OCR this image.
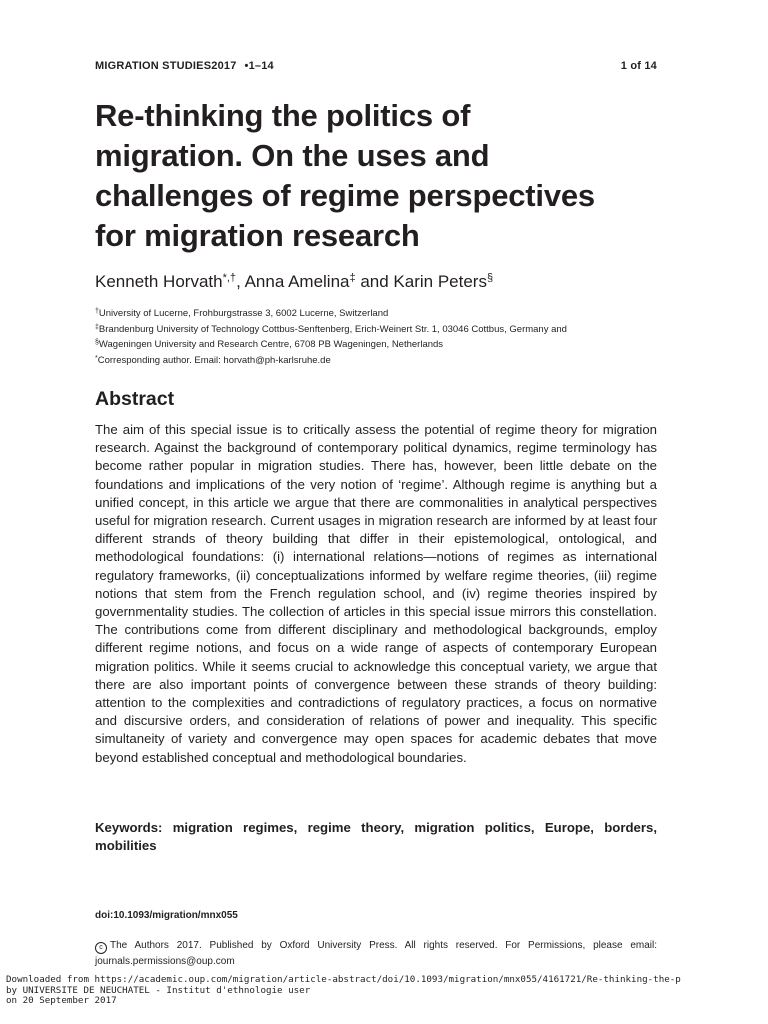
MIGRATION STUDIES2017 •1–14	1 of 14
Re-thinking the politics of
migration. On the uses and
challenges of regime perspectives
for migration research
Kenneth Horvath*,†, Anna Amelina‡ and Karin Peters§
†University of Lucerne, Frohburgstrasse 3, 6002 Lucerne, Switzerland
‡Brandenburg University of Technology Cottbus-Senftenberg, Erich-Weinert Str. 1, 03046 Cottbus, Germany and
§Wageningen University and Research Centre, 6708 PB Wageningen, Netherlands
*Corresponding author. Email: horvath@ph-karlsruhe.de
Abstract

The aim of this special issue is to critically assess the potential of regime theory for migration research. Against the background of contemporary political dynamics, regime terminology has become rather popular in migration studies. There has, however, been little debate on the foundations and implications of the very notion of ‘regime’. Although regime is anything but a unified concept, in this article we argue that there are commonalities in analytical perspectives useful for migration research. Current usages in migration research are informed by at least four different strands of theory building that differ in their epistemological, ontological, and methodological foundations: (i) international relations—notions of regimes as international regulatory frameworks, (ii) conceptualizations informed by welfare regime theories, (iii) regime notions that stem from the French regulation school, and (iv) regime theories inspired by governmentality studies. The collection of articles in this special issue mirrors this constellation. The contributions come from different disciplinary and methodological backgrounds, employ different regime notions, and focus on a wide range of aspects of contemporary European migration politics. While it seems crucial to acknowledge this conceptual variety, we argue that there are also important points of convergence between these strands of theory building: attention to the complexities and contradictions of regulatory practices, a focus on normative and discursive orders, and consideration of relations of power and inequality. This specific simultaneity of variety and convergence may open spaces for academic debates that move beyond established conceptual and methodological boundaries.

Keywords: migration regimes, regime theory, migration politics, Europe, borders, mobilities

doi:10.1093/migration/mnx055
c The Authors 2017. Published by Oxford University Press. All rights reserved. For Permissions, please email: journals.permissions@oup.com
Downloaded from https://academic.oup.com/migration/article-abstract/doi/10.1093/migration/mnx055/4161721/Re-thinking-the-p
by UNIVERSITE DE NEUCHATEL - Institut d'ethnologie user
on 20 September 2017
